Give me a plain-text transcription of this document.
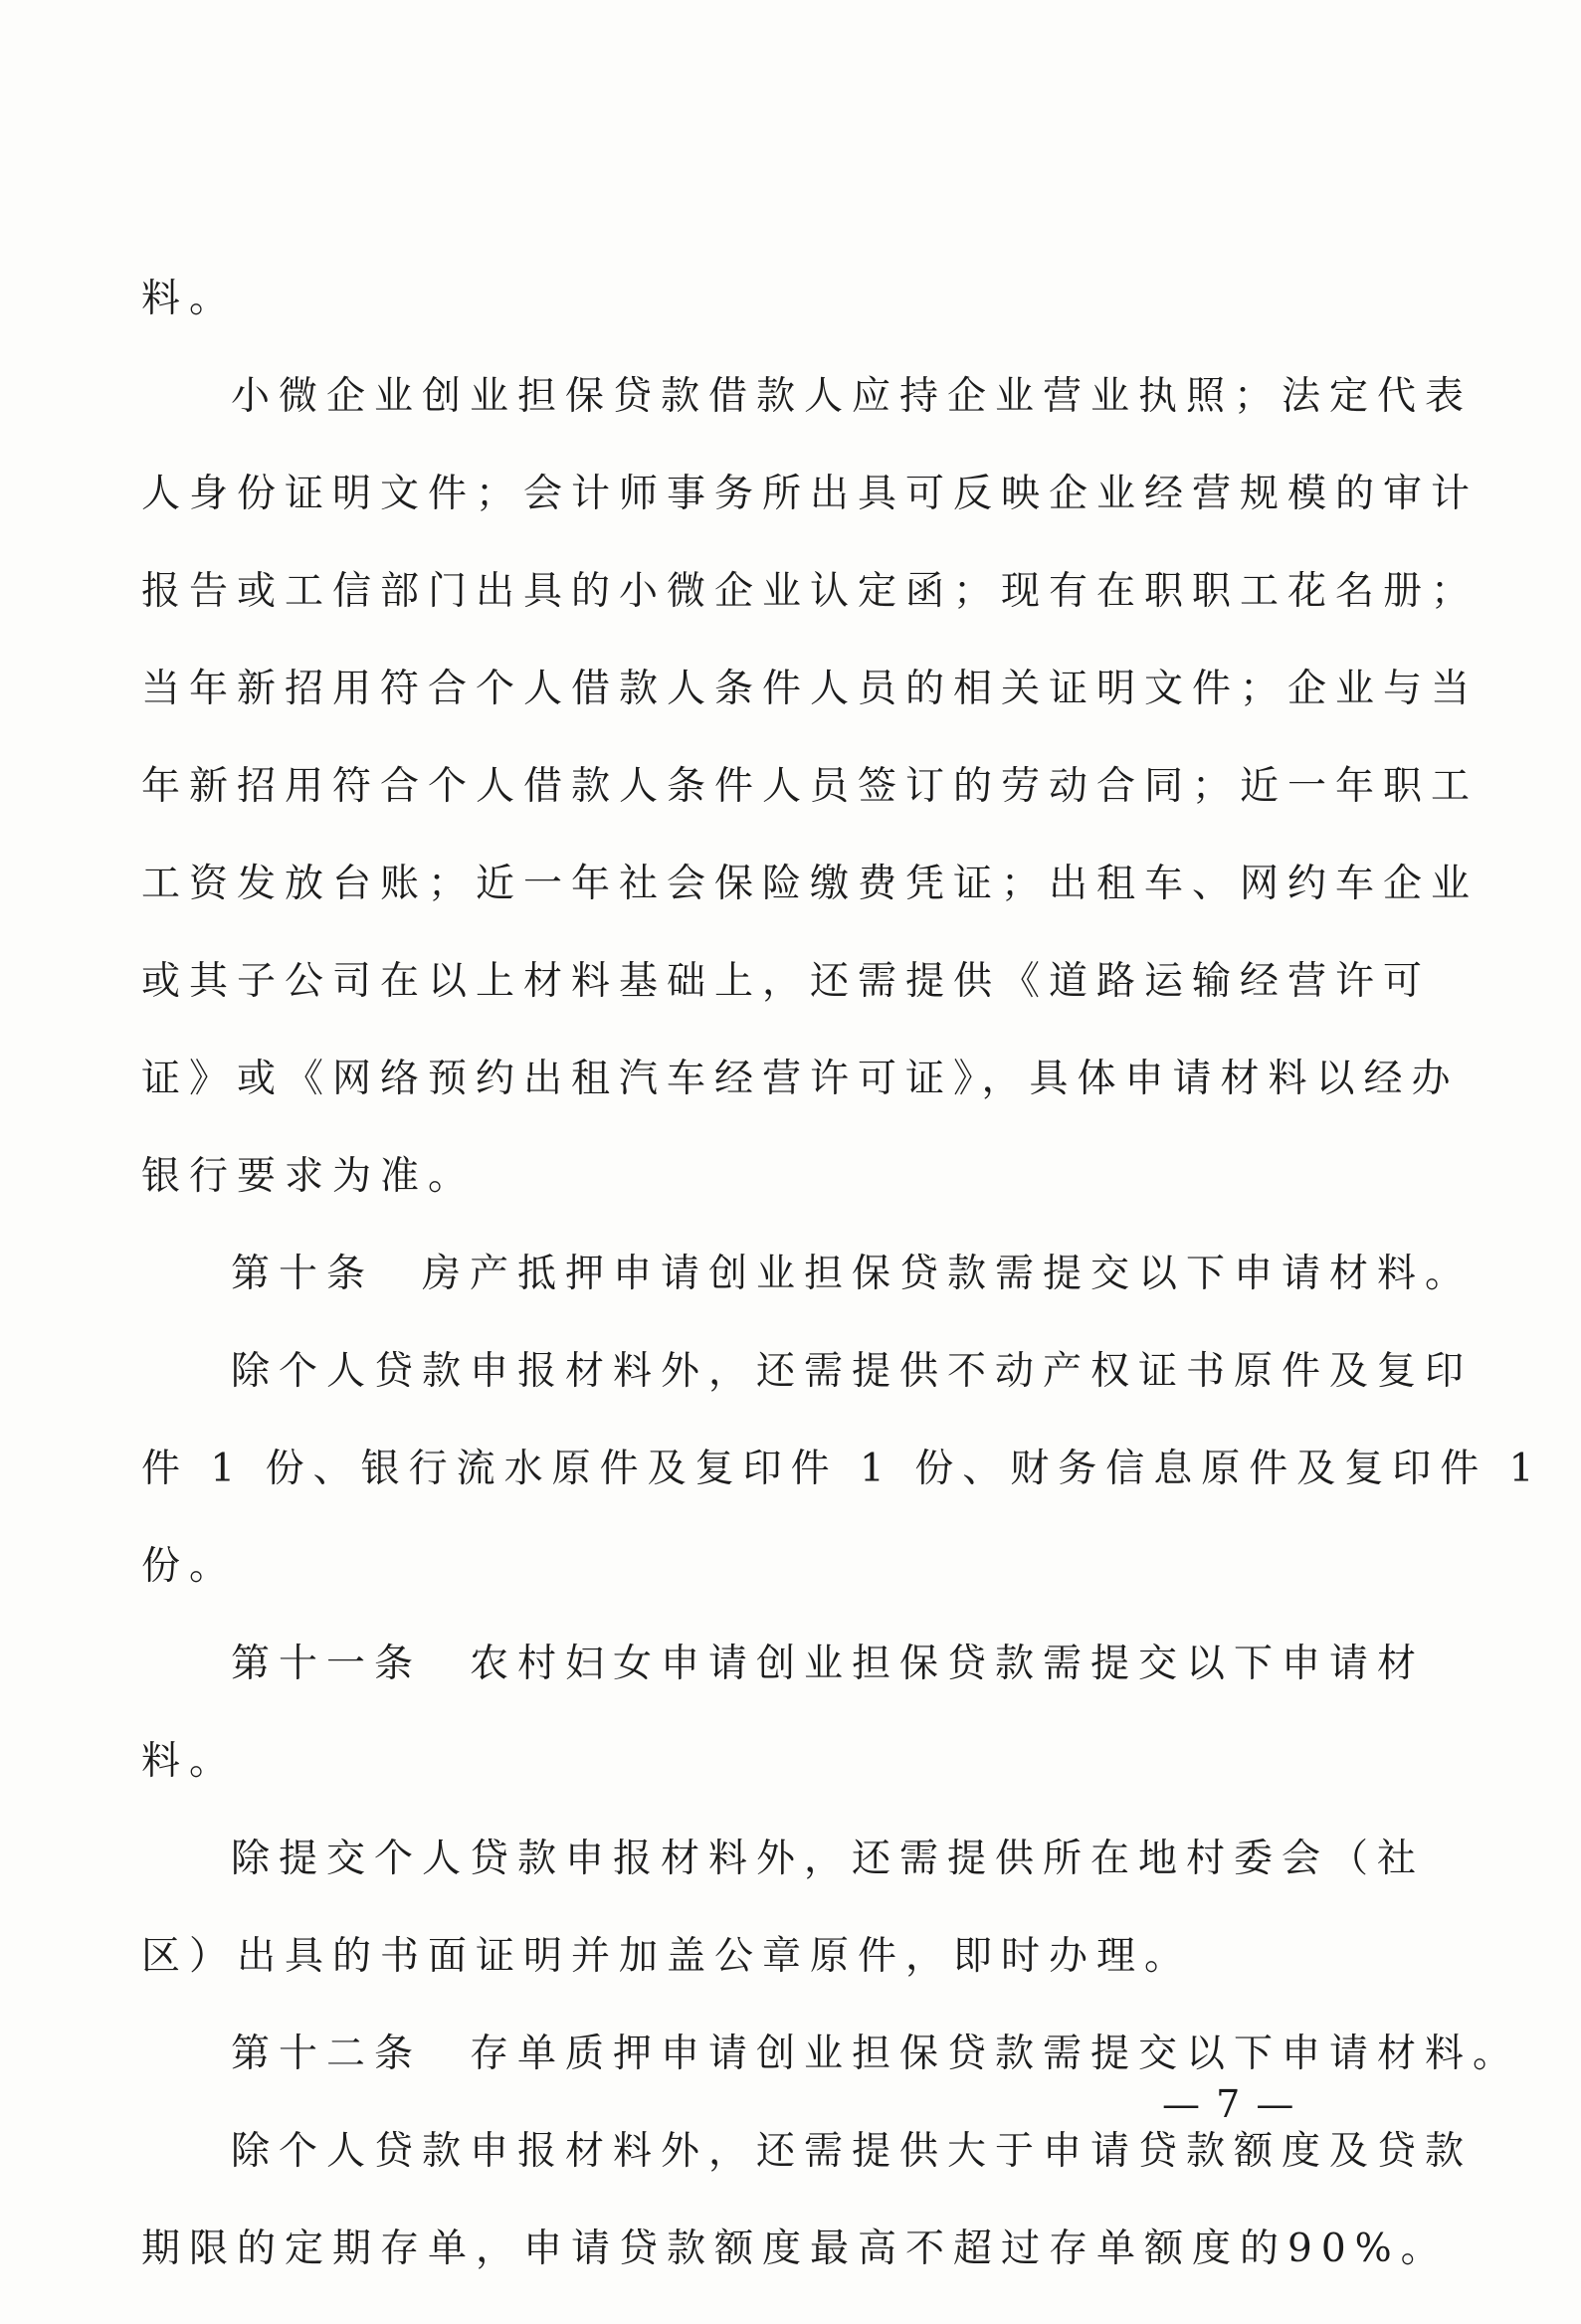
料。
小微企业创业担保贷款借款人应持企业营业执照；法定代表
人身份证明文件；会计师事务所出具可反映企业经营规模的审计
报告或工信部门出具的小微企业认定函；现有在职职工花名册；
当年新招用符合个人借款人条件人员的相关证明文件；企业与当
年新招用符合个人借款人条件人员签订的劳动合同；近一年职工
工资发放台账；近一年社会保险缴费凭证；出租车、网约车企业
或其子公司在以上材料基础上，还需提供《道路运输经营许可
证》或《网络预约出租汽车经营许可证》，具体申请材料以经办
银行要求为准。
第十条　房产抵押申请创业担保贷款需提交以下申请材料。
除个人贷款申报材料外，还需提供不动产权证书原件及复印
件 1 份、银行流水原件及复印件 1 份、财务信息原件及复印件 1
份。
第十一条　农村妇女申请创业担保贷款需提交以下申请材
料。
除提交个人贷款申报材料外，还需提供所在地村委会（社
区）出具的书面证明并加盖公章原件，即时办理。
第十二条　存单质押申请创业担保贷款需提交以下申请材料。
除个人贷款申报材料外，还需提供大于申请贷款额度及贷款
期限的定期存单，申请贷款额度最高不超过存单额度的90%。
— 7 —
